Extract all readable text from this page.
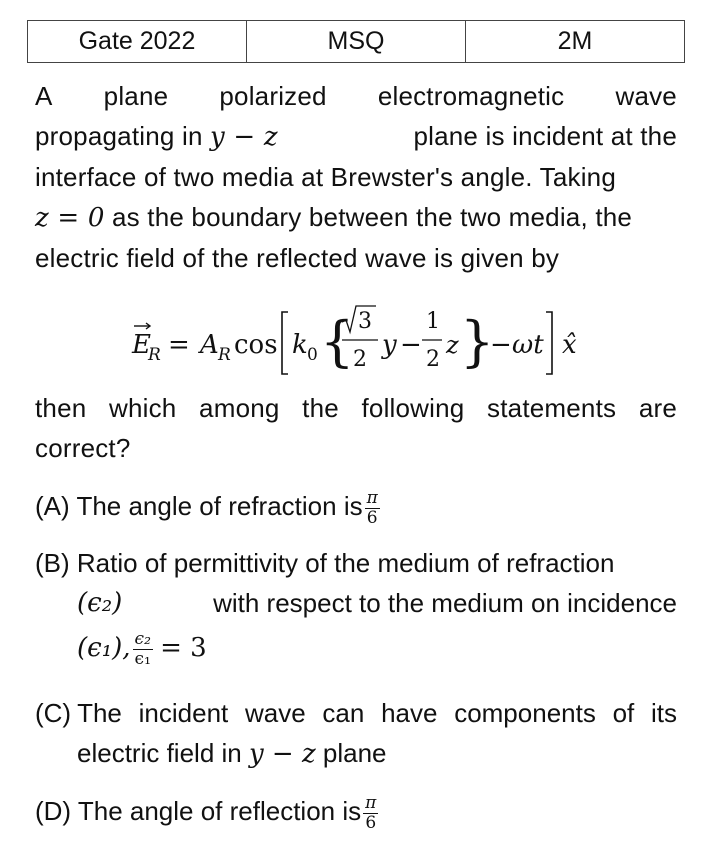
Gate 2022	MSQ	2M
A plane polarized electromagnetic wave
propagating in y − z	plane is incident at the
interface of two media at Brewster's angle. Taking
z = 0 as the boundary between the two media, the
electric field of the reflected wave is given by
E
R = A R cos k 0 { 3
2 y −
1
2
z }
− ωt x̂
then which among the following statements are
correct?
(A) The angle of refraction is $\frac{\pi}{6}$
(B) Ratio of permittivity of the medium of refraction
(ϵ₂)	with respect to the medium on incidence
(ϵ₁), $\frac{\text{ϵ₂}}{\text{ϵ₁}} = 3$
(C) The incident wave can have components of its
electric field in y − z plane
(D) The angle of reflection is $\frac{\pi}{6}$
